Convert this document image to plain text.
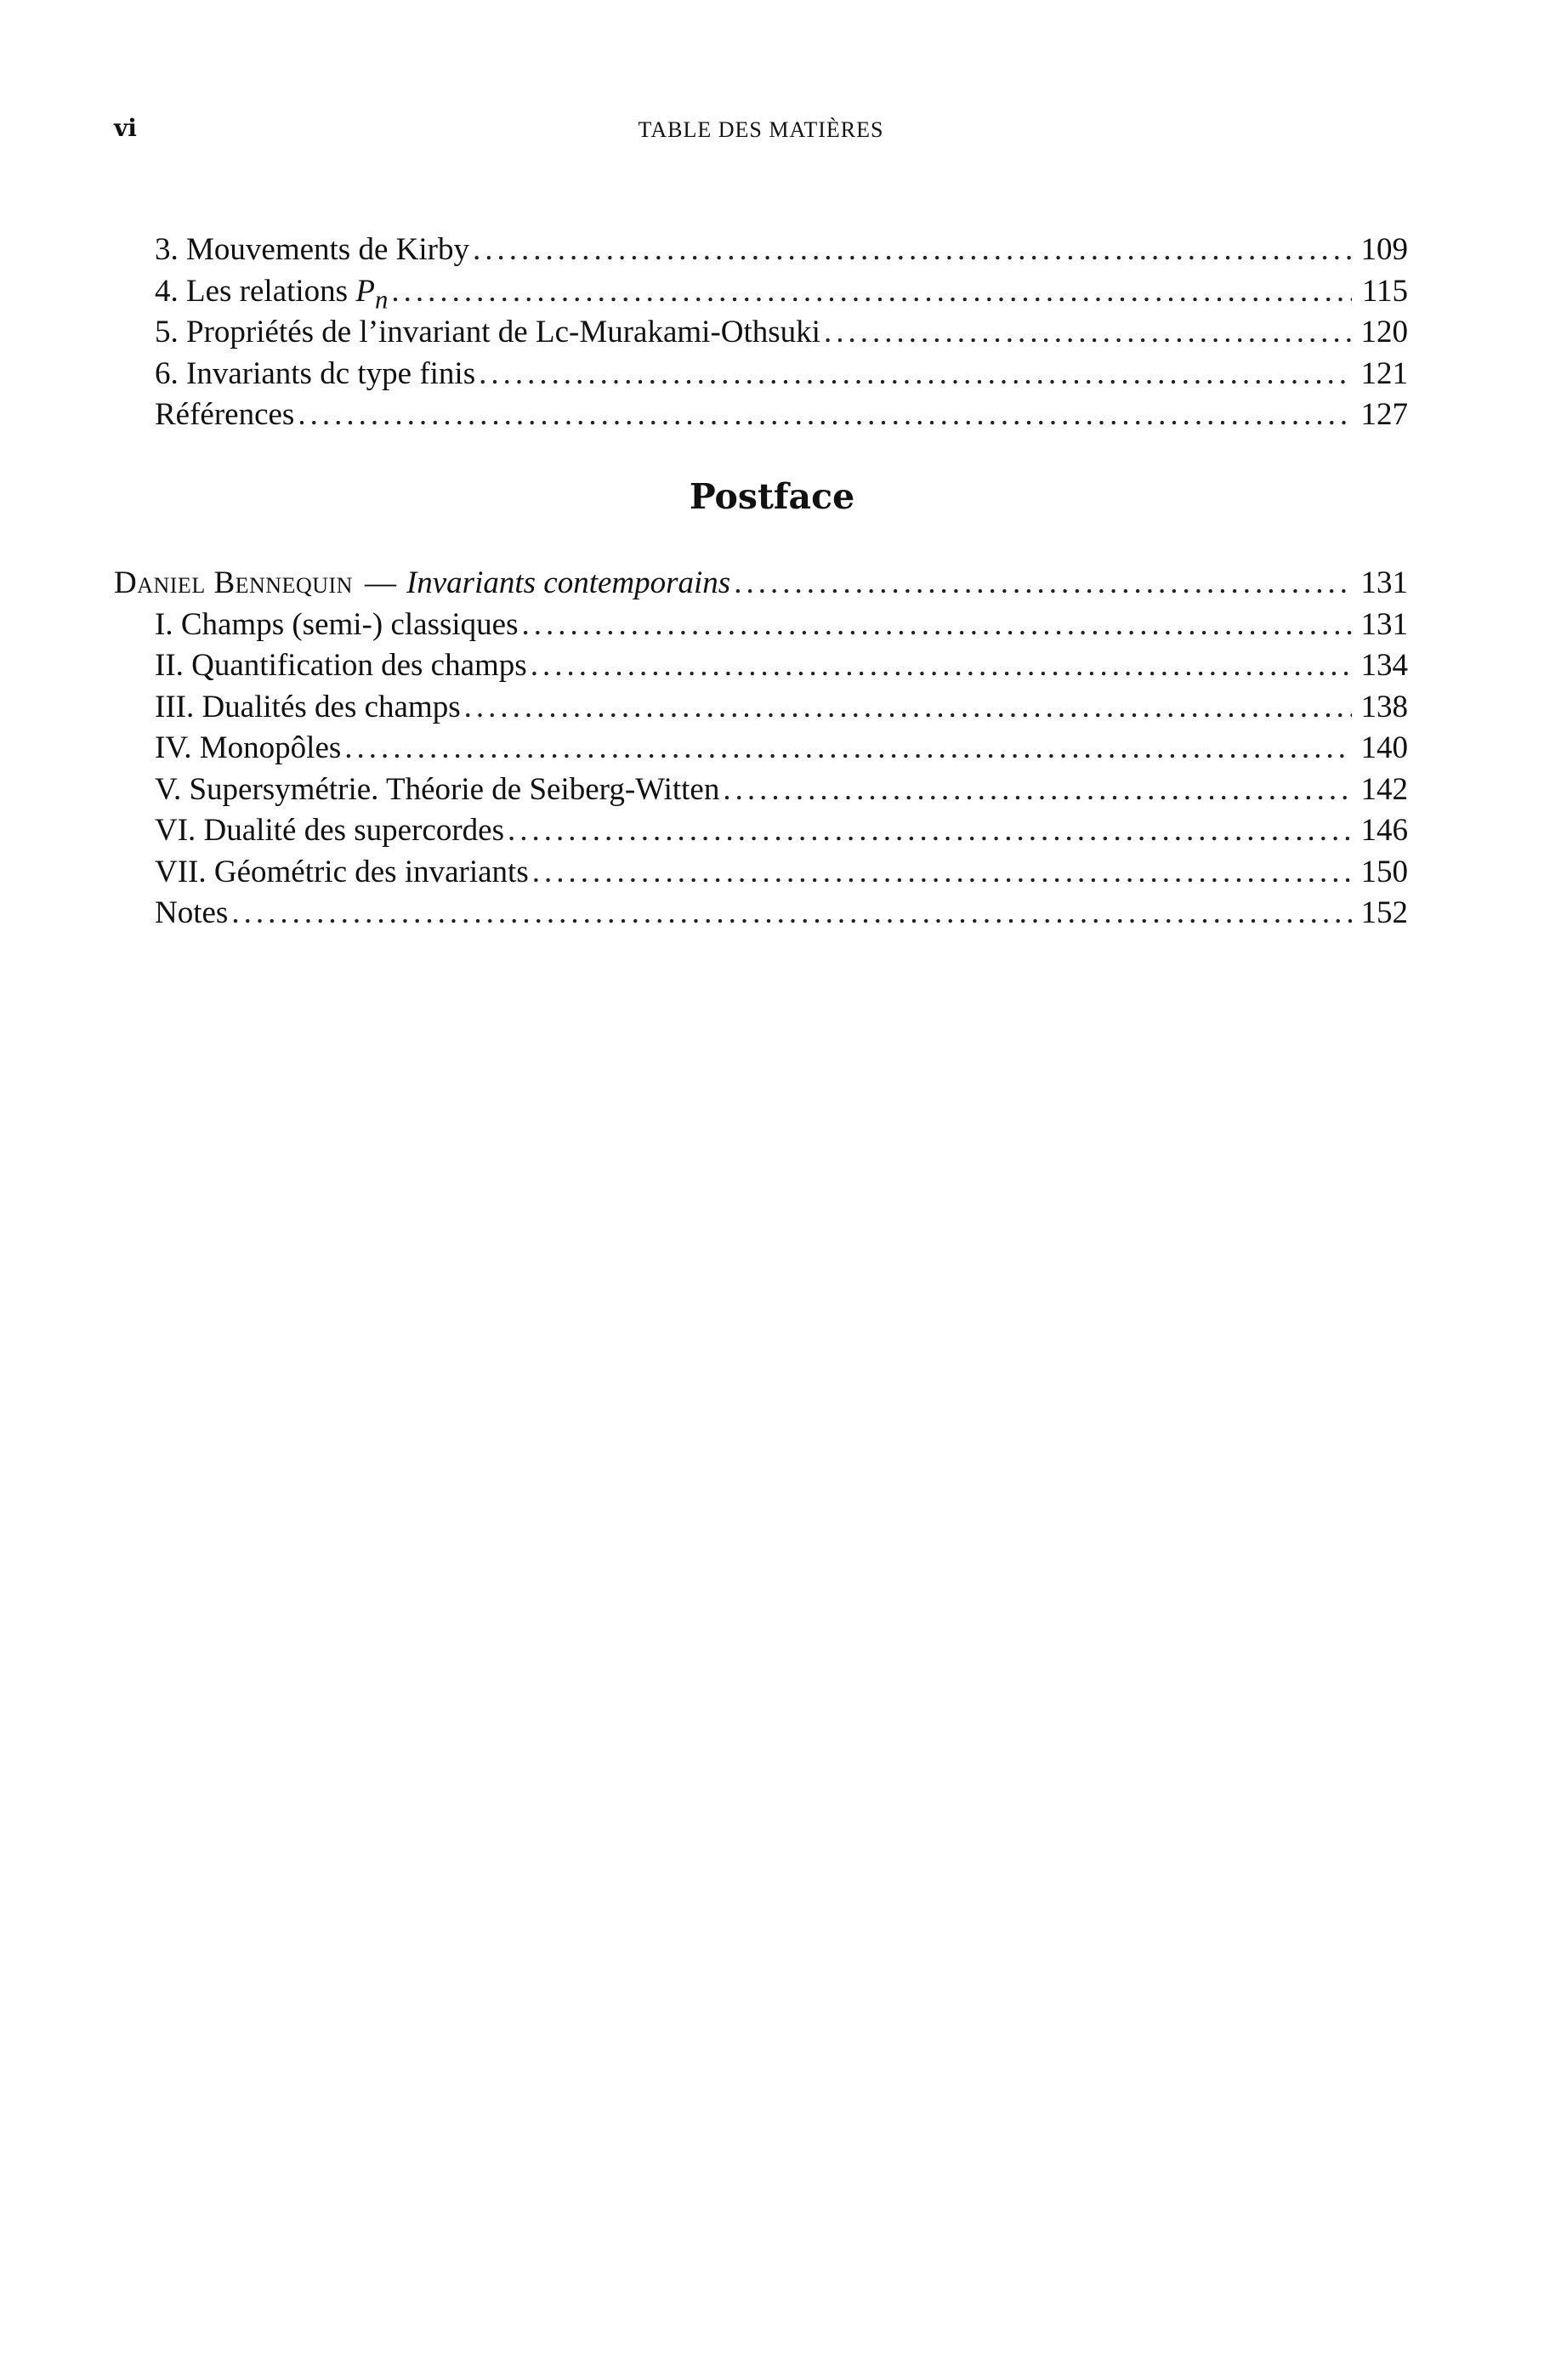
vi	TABLE DES MATIÈRES
3. Mouvements de Kirby .....	109
4. Les relations $P_n$ .....	115
5. Propriétés de l’invariant de Lc-Murakami-Othsuki .....	120
6. Invariants dc type finis .....	121
Références .....	127
Postface
Daniel Bennequin — Invariants contemporains .....	131
I. Champs (semi-) classiques .....	131
II. Quantification des champs .....	134
III. Dualités des champs .....	138
IV. Monopôles .....	140
V. Supersymétrie. Théorie de Seiberg-Witten .....	142
VI. Dualité des supercordes .....	146
VII. Géométric des invariants .....	150
Notes .....	152
